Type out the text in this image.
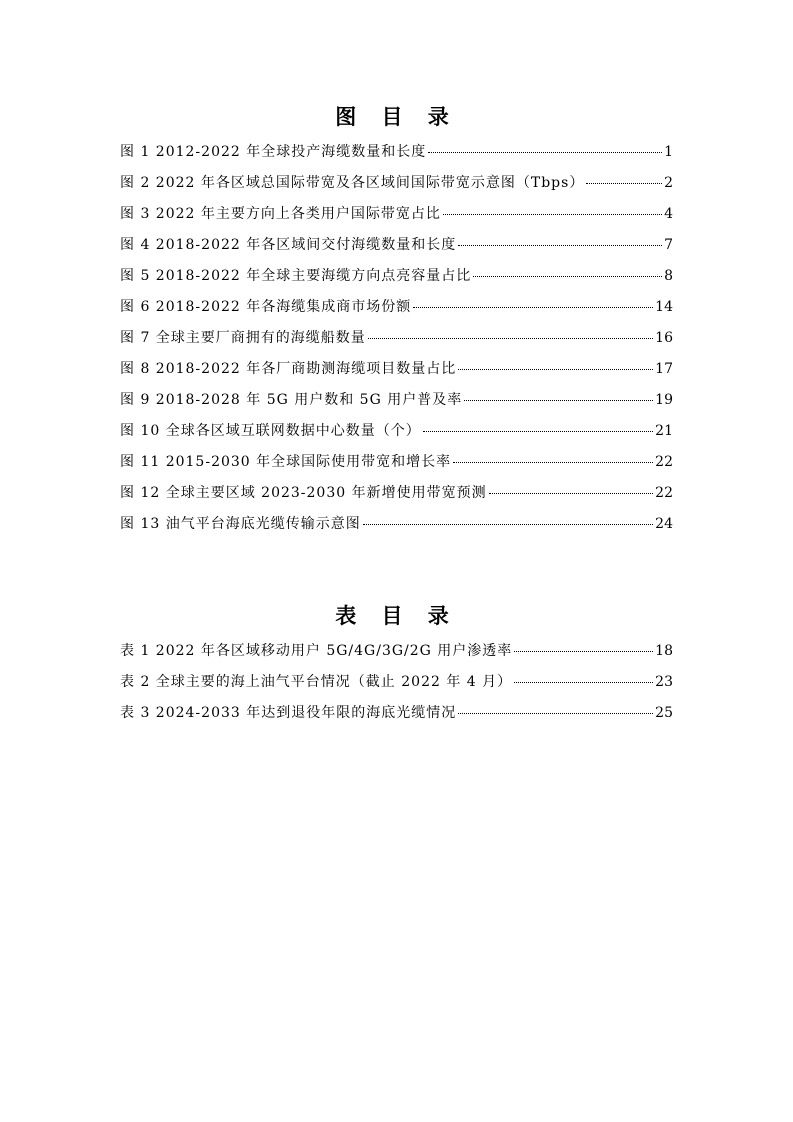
图 目 录
图 1 2012-2022 年全球投产海缆数量和长度	1
图 2 2022 年各区域总国际带宽及各区域间国际带宽示意图（Tbps）	2
图 3 2022 年主要方向上各类用户国际带宽占比	4
图 4 2018-2022 年各区域间交付海缆数量和长度	7
图 5 2018-2022 年全球主要海缆方向点亮容量占比	8
图 6 2018-2022 年各海缆集成商市场份额	14
图 7 全球主要厂商拥有的海缆船数量	16
图 8 2018-2022 年各厂商勘测海缆项目数量占比	17
图 9 2018-2028 年 5G 用户数和 5G 用户普及率	19
图 10 全球各区域互联网数据中心数量（个）	21
图 11 2015-2030 年全球国际使用带宽和增长率	22
图 12 全球主要区域 2023-2030 年新增使用带宽预测	22
图 13 油气平台海底光缆传输示意图	24
表 目 录
表 1 2022 年各区域移动用户 5G/4G/3G/2G 用户渗透率	18
表 2 全球主要的海上油气平台情况（截止 2022 年 4 月）	23
表 3 2024-2033 年达到退役年限的海底光缆情况	25
